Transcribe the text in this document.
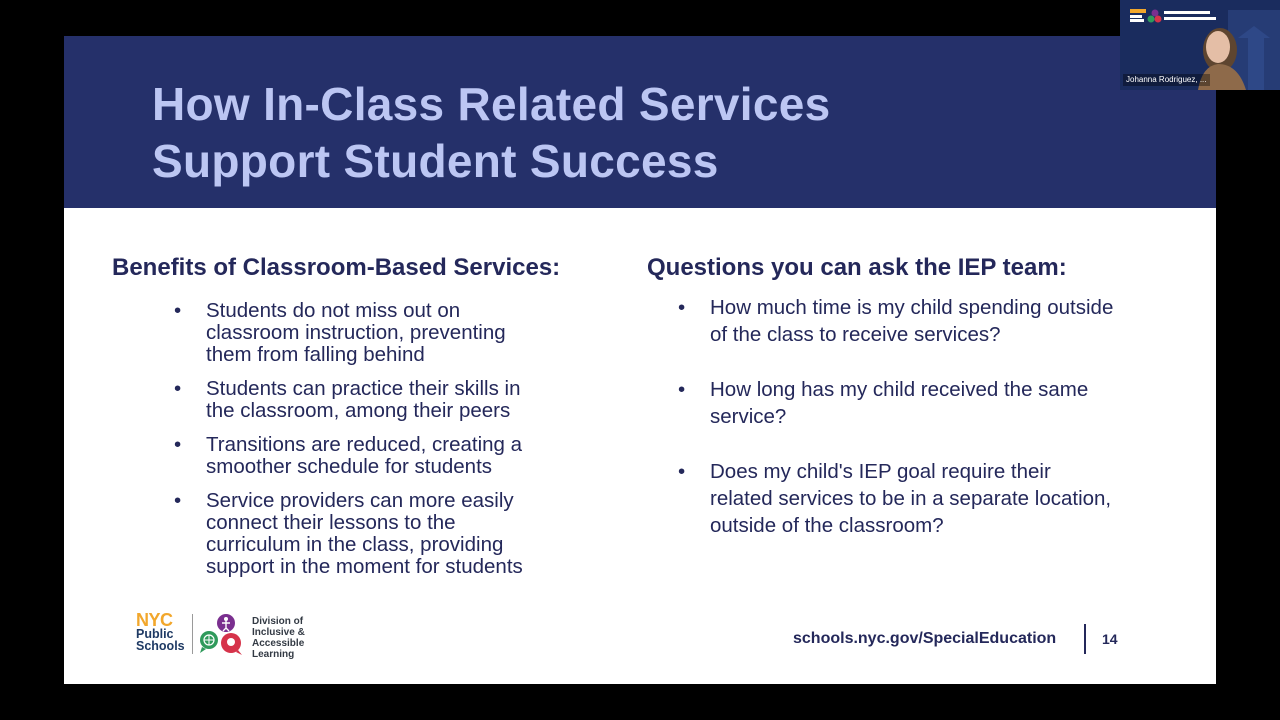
How In-Class Related Services
Support Student Success
Benefits of Classroom-Based Services:
• Students do not miss out on
classroom instruction, preventing
them from falling behind
• Students can practice their skills in
the classroom, among their peers
• Transitions are reduced, creating a
smoother schedule for students
• Service providers can more easily
connect their lessons to the
curriculum in the class, providing
support in the moment for students
Questions you can ask the IEP team:
• How much time is my child spending outside
of the class to receive services?
• How long has my child received the same
service?
• Does my child's IEP goal require their
related services to be in a separate location,
outside of the classroom?
NYC
Public
Schools
Division of
Inclusive &
Accessible
Learning
schools.nyc.gov/SpecialEducation	14
Johanna Rodriguez, ...
